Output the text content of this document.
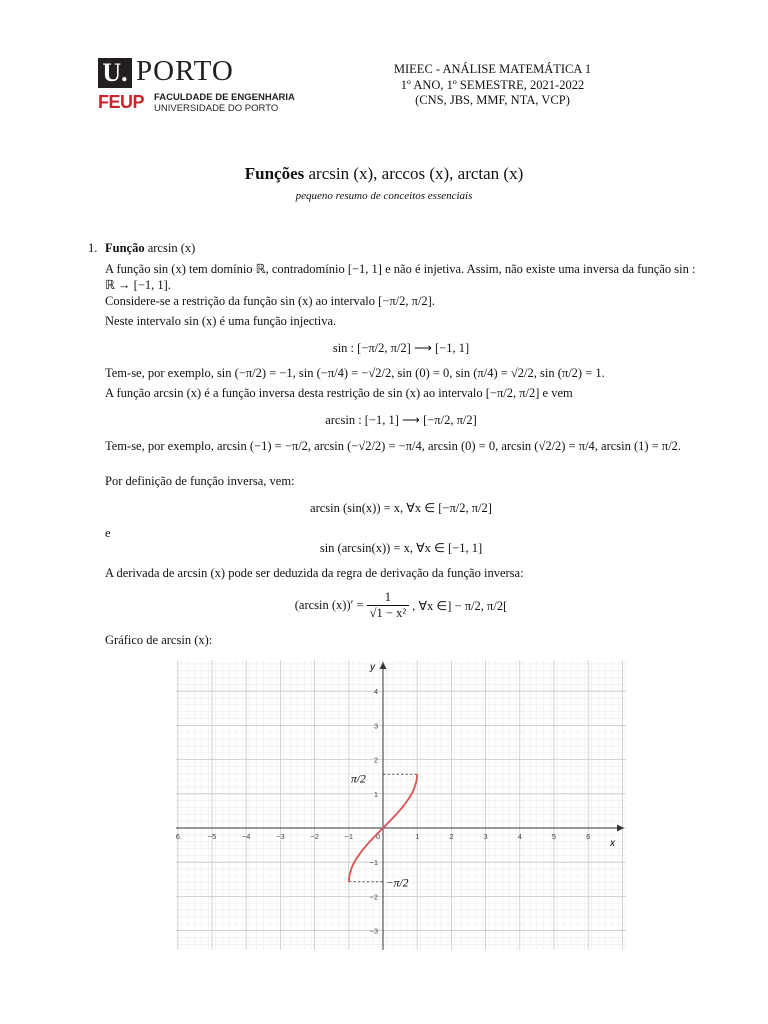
U. PORTO
FEUP FACULDADE DE ENGENHARIA
UNIVERSIDADE DO PORTO
MIEEC - ANÁLISE MATEMÁTICA 1
1º ANO, 1º SEMESTRE, 2021-2022
(CNS, JBS, MMF, NTA, VCP)
Funções arcsin (x), arccos (x), arctan (x)
pequeno resumo de conceitos essenciais
1. Função arcsin (x)
A função sin (x) tem domínio ℝ, contradomínio [−1, 1] e não é injetiva. Assim, não existe uma inversa da função sin : ℝ → [−1, 1].
Considere-se a restrição da função sin (x) ao intervalo [−π/2, π/2].
Neste intervalo sin (x) é uma função injectiva.
sin : [−π/2, π/2] ⟶ [−1, 1]
Tem-se, por exemplo, sin (−π/2) = −1, sin (−π/4) = −√2/2, sin (0) = 0, sin (π/4) = √2/2, sin (π/2) = 1.
A função arcsin (x) é a função inversa desta restrição de sin (x) ao intervalo [−π/2, π/2] e vem
arcsin : [−1, 1] ⟶ [−π/2, π/2]
Tem-se, por exemplo, arcsin (−1) = −π/2, arcsin (−√2/2) = −π/4, arcsin (0) = 0, arcsin (√2/2) = π/4, arcsin (1) = π/2.
Por definição de função inversa, vem:
arcsin (sin(x)) = x, ∀x ∈ [−π/2, π/2]
e
sin (arcsin(x)) = x, ∀x ∈ [−1, 1]
A derivada de arcsin (x) pode ser deduzida da regra de derivação da função inversa:
(arcsin $(x))' = \frac{1}{\text{√1 − x²}}$ , ∀x ∈] − π/2, π/2[
Gráfico de arcsin (x):
6	−5	−4	−3	−2	−1	0	1	2	3	4	5	6
4
3
2
1
−1
−2
−3
x
y
π/2
−π/2
